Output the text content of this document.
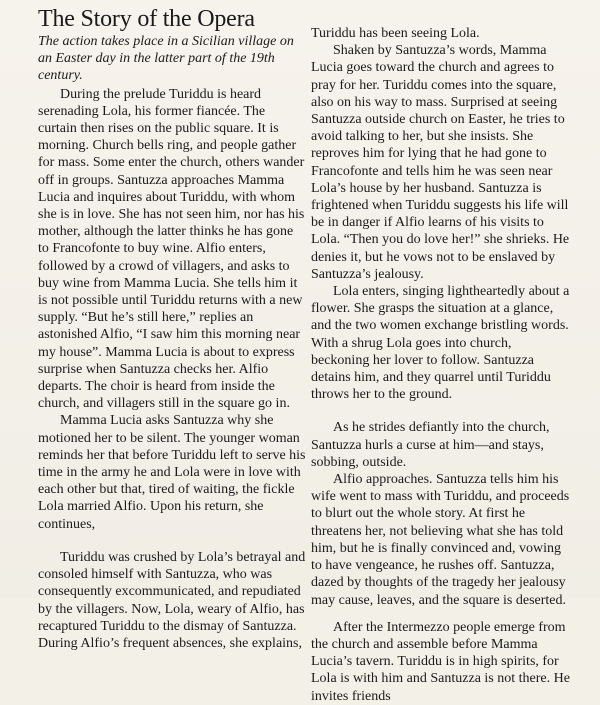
The Story of the Opera

The action takes place in a Sicilian village on an Easter day in the latter part of the 19th century.

During the prelude Turiddu is heard serenading Lola, his former fiancée. The curtain then rises on the public square. It is morning. Church bells ring, and people gather for mass. Some enter the church, others wander off in groups. Santuzza approaches Mamma Lucia and inquires about Turiddu, with whom she is in love. She has not seen him, nor has his mother, although the latter thinks he has gone to Francofonte to buy wine. Alfio enters, followed by a crowd of villagers, and asks to buy wine from Mamma Lucia. She tells him it is not possible until Turiddu returns with a new supply. “But he’s still here,” replies an astonished Alfio, “I saw him this morning near my house”. Mamma Lucia is about to express surprise when Santuzza checks her. Alfio departs. The choir is heard from inside the church, and villagers still in the square go in.

Mamma Lucia asks Santuzza why she motioned her to be silent. The younger woman reminds her that before Turiddu left to serve his time in the army he and Lola were in love with each other but that, tired of waiting, the fickle Lola married Alfio. Upon his return, she continues,

Turiddu was crushed by Lola’s betrayal and consoled himself with Santuzza, who was consequently excommunicated, and repudiated by the villagers. Now, Lola, weary of Alfio, has recaptured Turiddu to the dismay of Santuzza. During Alfio’s frequent absences, she explains,

Turiddu has been seeing Lola.

Shaken by Santuzza’s words, Mamma Lucia goes toward the church and agrees to pray for her. Turiddu comes into the square, also on his way to mass. Surprised at seeing Santuzza outside church on Easter, he tries to avoid talking to her, but she insists. She reproves him for lying that he had gone to Francofonte and tells him he was seen near Lola’s house by her husband. Santuzza is frightened when Turiddu suggests his life will be in danger if Alfio learns of his visits to Lola. “Then you do love her!” she shrieks. He denies it, but he vows not to be enslaved by Santuzza’s jealousy.

Lola enters, singing lightheartedly about a flower. She grasps the situation at a glance, and the two women exchange bristling words. With a shrug Lola goes into church, beckoning her lover to follow. Santuzza detains him, and they quarrel until Turiddu throws her to the ground.

As he strides defiantly into the church, Santuzza hurls a curse at him—and stays, sobbing, outside.

Alfio approaches. Santuzza tells him his wife went to mass with Turiddu, and proceeds to blurt out the whole story. At first he threatens her, not believing what she has told him, but he is finally convinced and, vowing to have vengeance, he rushes off. Santuzza, dazed by thoughts of the tragedy her jealousy may cause, leaves, and the square is deserted.

After the Intermezzo people emerge from the church and assemble before Mamma Lucia’s tavern. Turiddu is in high spirits, for Lola is with him and Santuzza is not there. He invites friends
